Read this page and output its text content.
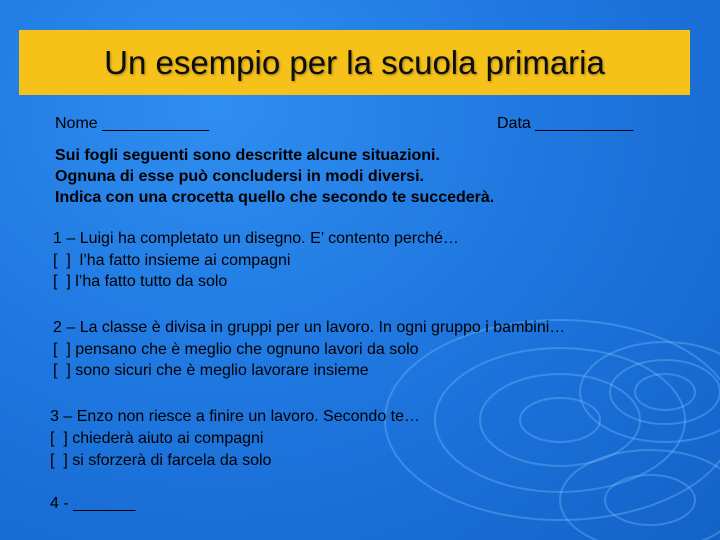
Un esempio per la scuola primaria
Nome ____________	Data ___________
Sui fogli seguenti sono descritte alcune situazioni.
Ognuna di esse può concludersi in modi diversi.
Indica con una crocetta quello che secondo te succederà.
1 – Luigi ha completato un disegno. E’ contento perché…
[  ]  l’ha fatto insieme ai compagni
[  ] l’ha fatto tutto da solo
2 – La classe è divisa in gruppi per un lavoro. In ogni gruppo i bambini…
[  ] pensano che è meglio che ognuno lavori da solo
[  ] sono sicuri che è meglio lavorare insieme
3 – Enzo non riesce a finire un lavoro. Secondo te…
[  ] chiederà aiuto ai compagni
[  ] si sforzerà di farcela da solo
4 - _______
